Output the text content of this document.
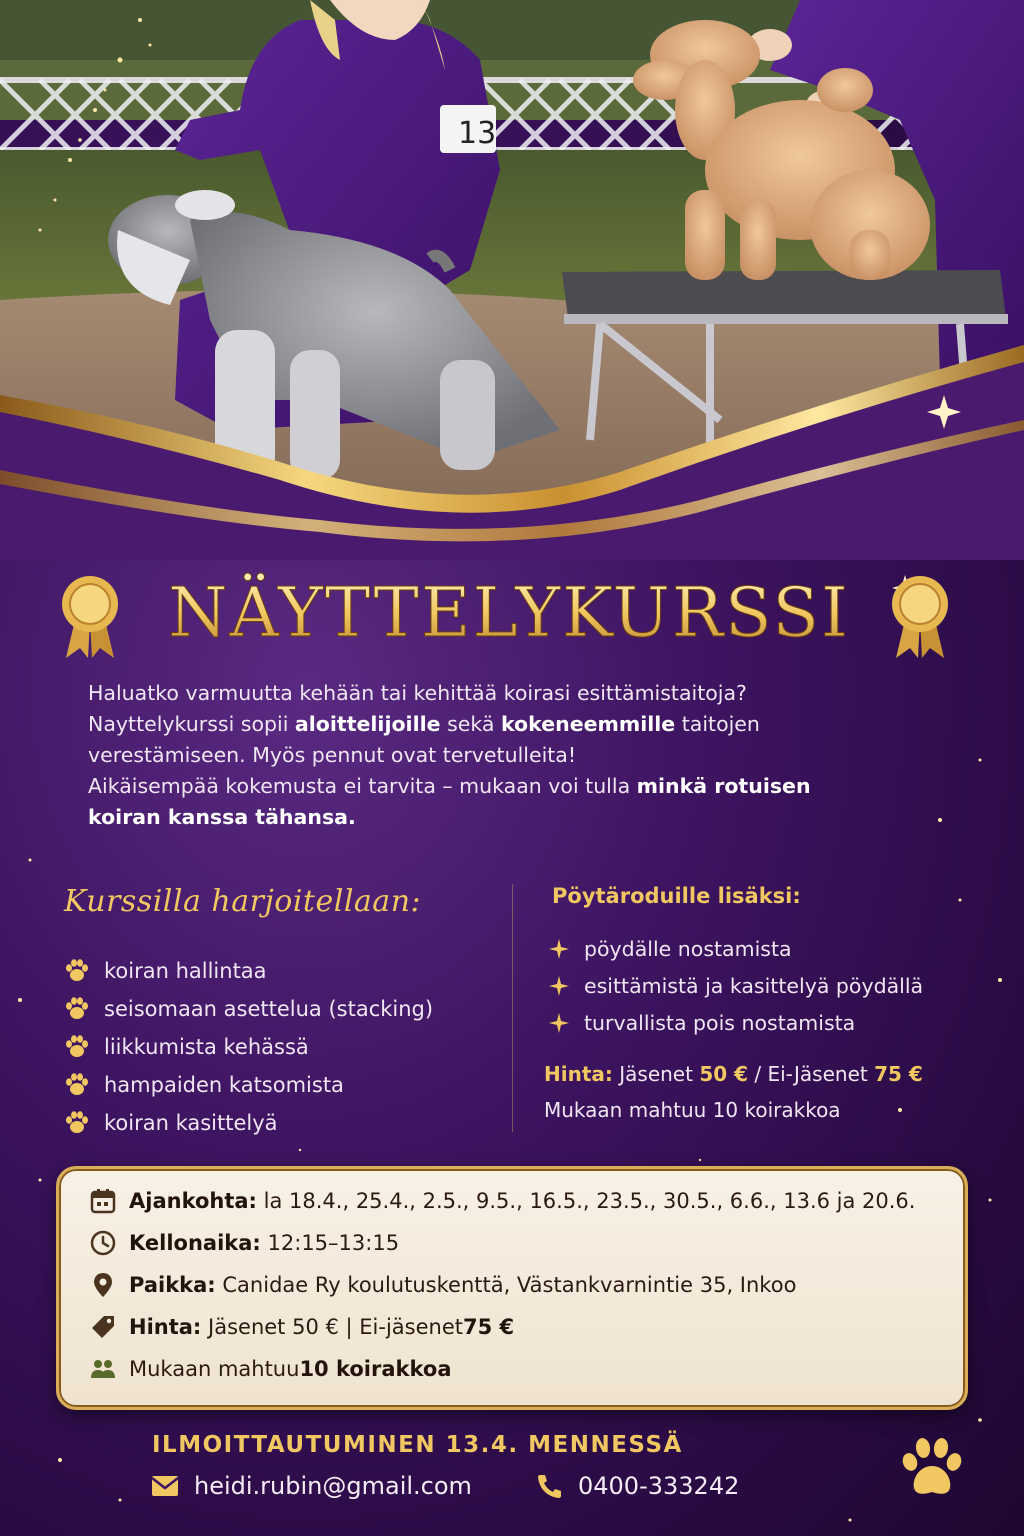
13
NÄYTTELYKURSSI

Haluatko varmuutta kehään tai kehittää koirasi esittämistaitoja?

Nayttelykurssi sopii aloittelijoille sekä kokeneemmille taitojen

verestämiseen. Myös pennut ovat tervetulleita!

Aikäisempää kokemusta ei tarvita – mukaan voi tulla minkä rotuisen

koiran kanssa tähansa.

Kurssilla harjoitellaan:
koiran hallintaa
seisomaan asettelua (stacking)
liikkumista kehässä
hampaiden katsomista
koiran kasittelyä
Pöytäroduille lisäksi:
pöydälle nostamista
esittämistä ja kasittelyä pöydällä
turvallista pois nostamista
Hinta: Jäsenet 50 € / Ei-Jäsenet 75 €
Mukaan mahtuu 10 koirakkoa
Ajankohta:
la 18.4., 25.4., 2.5., 9.5., 16.5., 23.5., 30.5., 6.6., 13.6 ja 20.6.
Kellonaika:
12:15–13:15
Paikka:
Canidae Ry koulutuskenttä, Västankvarnintie 35, Inkoo
Hinta:
Jäsenet 50 € | Ei-jäsenet 75 €
Mukaan mahtuu 10 koirakkoa
ILMOITTAUTUMINEN 13.4. MENNESSÄ
heidi.rubin@gmail.com	0400-333242
